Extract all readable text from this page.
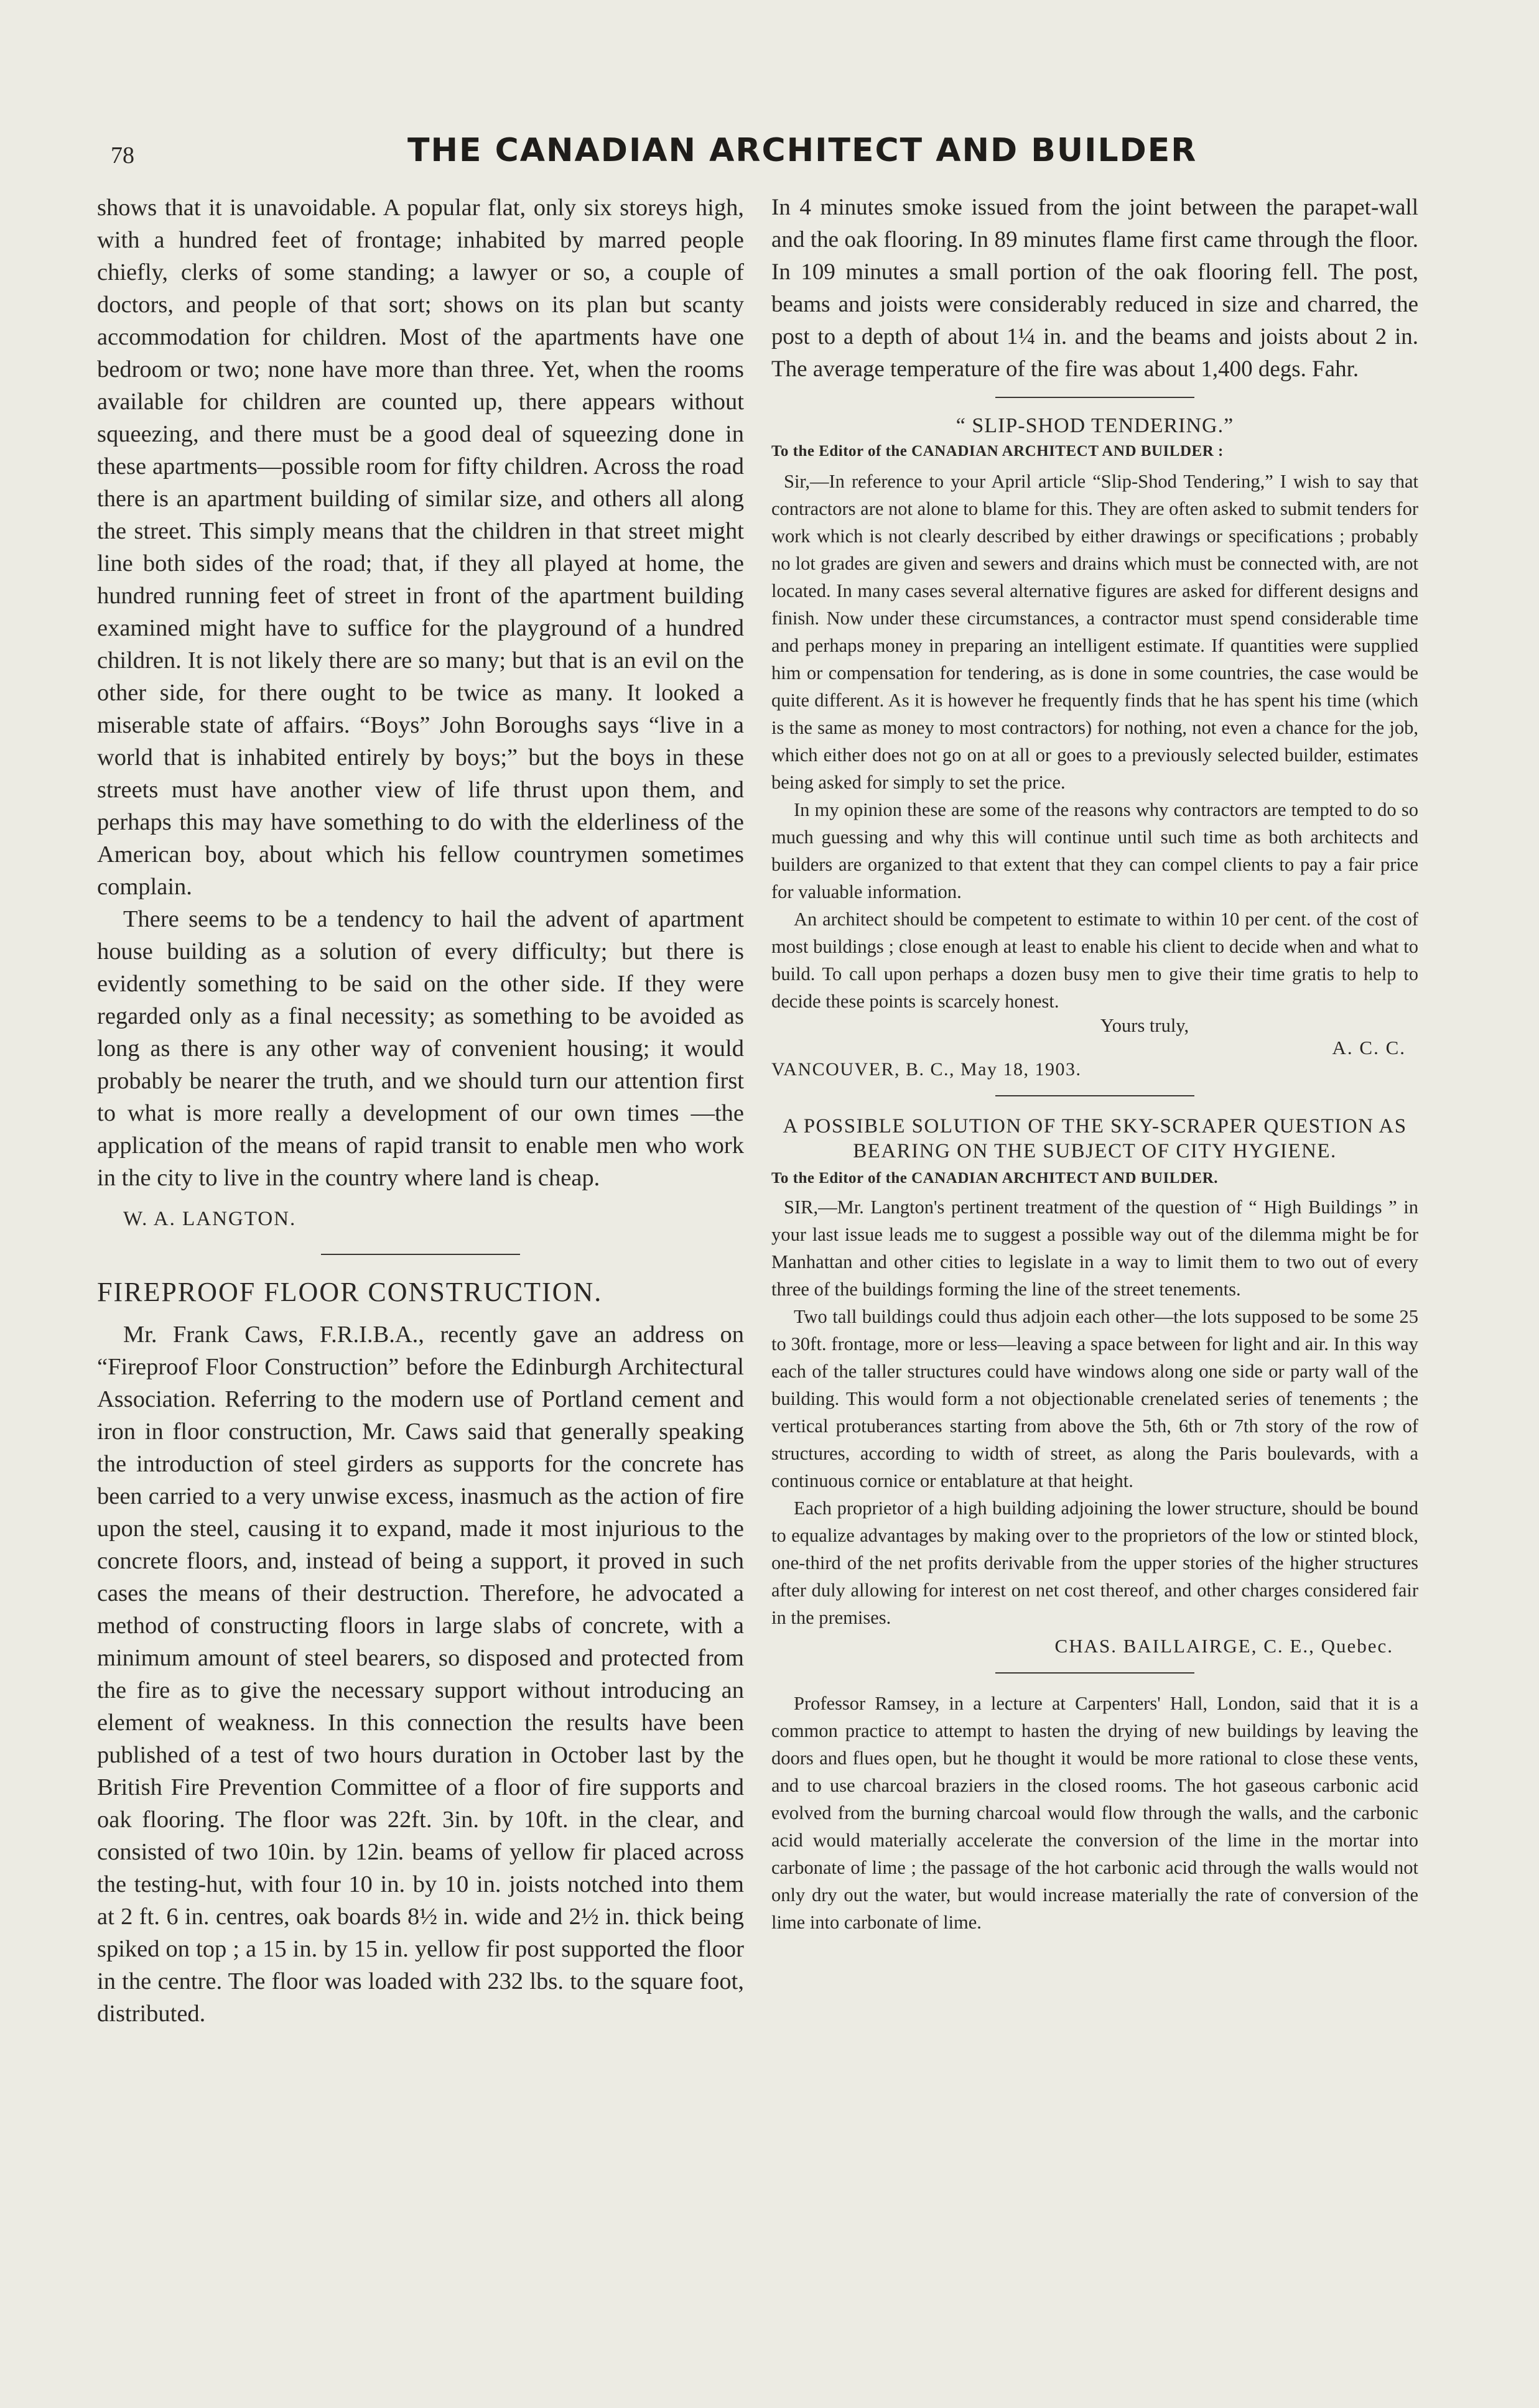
78	THE CANADIAN ARCHITECT AND BUILDER

shows that it is unavoidable. A popular flat, only six storeys high, with a hundred feet of frontage; inhabited by marred people chiefly, clerks of some standing; a lawyer or so, a couple of doctors, and people of that sort; shows on its plan but scanty accommodation for children. Most of the apartments have one bedroom or two; none have more than three. Yet, when the rooms available for children are counted up, there appears without squeezing, and there must be a good deal of squeezing done in these apartments—possible room for fifty children. Across the road there is an apartment building of similar size, and others all along the street. This simply means that the children in that street might line both sides of the road; that, if they all played at home, the hundred running feet of street in front of the apartment building examined might have to suffice for the playground of a hundred children. It is not likely there are so many; but that is an evil on the other side, for there ought to be twice as many. It looked a miserable state of affairs. “Boys” John Boroughs says “live in a world that is inhabited entirely by boys;” but the boys in these streets must have another view of life thrust upon them, and perhaps this may have something to do with the elderliness of the American boy, about which his fellow countrymen sometimes complain.

There seems to be a tendency to hail the advent of apartment house building as a solution of every difficulty; but there is evidently something to be said on the other side. If they were regarded only as a final necessity; as something to be avoided as long as there is any other way of convenient housing; it would probably be nearer the truth, and we should turn our attention first to what is more really a development of our own times —the application of the means of rapid transit to enable men who work in the city to live in the country where land is cheap.

W. A. LANGTON.

FIREPROOF FLOOR CONSTRUCTION.

Mr. Frank Caws, F.R.I.B.A., recently gave an address on “Fireproof Floor Construction” before the Edinburgh Architectural Association. Referring to the modern use of Portland cement and iron in floor construction, Mr. Caws said that generally speaking the introduction of steel girders as supports for the concrete has been carried to a very unwise excess, inasmuch as the action of fire upon the steel, causing it to expand, made it most injurious to the concrete floors, and, instead of being a support, it proved in such cases the means of their destruction. Therefore, he advocated a method of constructing floors in large slabs of concrete, with a minimum amount of steel bearers, so disposed and protected from the fire as to give the necessary support without introducing an element of weakness. In this connection the results have been published of a test of two hours duration in October last by the British Fire Prevention Committee of a floor of fire supports and oak flooring. The floor was 22ft. 3in. by 10ft. in the clear, and consisted of two 10in. by 12in. beams of yellow fir placed across the testing-hut, with four 10 in. by 10 in. joists notched into them at 2 ft. 6 in. centres, oak boards 8½ in. wide and 2½ in. thick being spiked on top ; a 15 in. by 15 in. yellow fir post supported the floor in the centre. The floor was loaded with 232 lbs. to the square foot, distributed.

In 4 minutes smoke issued from the joint between the parapet-wall and the oak flooring. In 89 minutes flame first came through the floor. In 109 minutes a small portion of the oak flooring fell. The post, beams and joists were considerably reduced in size and charred, the post to a depth of about 1¼ in. and the beams and joists about 2 in. The average temperature of the fire was about 1,400 degs. Fahr.

“ SLIP-SHOD TENDERING.”

To the Editor of the CANADIAN ARCHITECT AND BUILDER :

Sir,—In reference to your April article “Slip-Shod Tendering,” I wish to say that contractors are not alone to blame for this. They are often asked to submit tenders for work which is not clearly described by either drawings or specifications ; probably no lot grades are given and sewers and drains which must be connected with, are not located. In many cases several alternative figures are asked for different designs and finish. Now under these circumstances, a contractor must spend considerable time and perhaps money in preparing an intelligent estimate. If quantities were supplied him or compensation for tendering, as is done in some countries, the case would be quite different. As it is however he frequently finds that he has spent his time (which is the same as money to most contractors) for nothing, not even a chance for the job, which either does not go on at all or goes to a previously selected builder, estimates being asked for simply to set the price.

In my opinion these are some of the reasons why contractors are tempted to do so much guessing and why this will continue until such time as both architects and builders are organized to that extent that they can compel clients to pay a fair price for valuable information.

An architect should be competent to estimate to within 10 per cent. of the cost of most buildings ; close enough at least to enable his client to decide when and what to build. To call upon perhaps a dozen busy men to give their time gratis to help to decide these points is scarcely honest.

Yours truly,

A. C. C.

VANCOUVER, B. C., May 18, 1903.

A POSSIBLE SOLUTION OF THE SKY-SCRAPER QUESTION AS BEARING ON THE SUBJECT OF CITY HYGIENE.

To the Editor of the CANADIAN ARCHITECT AND BUILDER.

SIR,—Mr. Langton's pertinent treatment of the question of “ High Buildings ” in your last issue leads me to suggest a possible way out of the dilemma might be for Manhattan and other cities to legislate in a way to limit them to two out of every three of the buildings forming the line of the street tenements.

Two tall buildings could thus adjoin each other—the lots supposed to be some 25 to 30ft. frontage, more or less—leaving a space between for light and air. In this way each of the taller structures could have windows along one side or party wall of the building. This would form a not objectionable crenelated series of tenements ; the vertical protuberances starting from above the 5th, 6th or 7th story of the row of structures, according to width of street, as along the Paris boulevards, with a continuous cornice or entablature at that height.

Each proprietor of a high building adjoining the lower structure, should be bound to equalize advantages by making over to the proprietors of the low or stinted block, one-third of the net profits derivable from the upper stories of the higher structures after duly allowing for interest on net cost thereof, and other charges considered fair in the premises.

CHAS. BAILLAIRGE, C. E., Quebec.

Professor Ramsey, in a lecture at Carpenters' Hall, London, said that it is a common practice to attempt to hasten the drying of new buildings by leaving the doors and flues open, but he thought it would be more rational to close these vents, and to use charcoal braziers in the closed rooms. The hot gaseous carbonic acid evolved from the burning charcoal would flow through the walls, and the carbonic acid would materially accelerate the conversion of the lime in the mortar into carbonate of lime ; the passage of the hot carbonic acid through the walls would not only dry out the water, but would increase materially the rate of conversion of the lime into carbonate of lime.
